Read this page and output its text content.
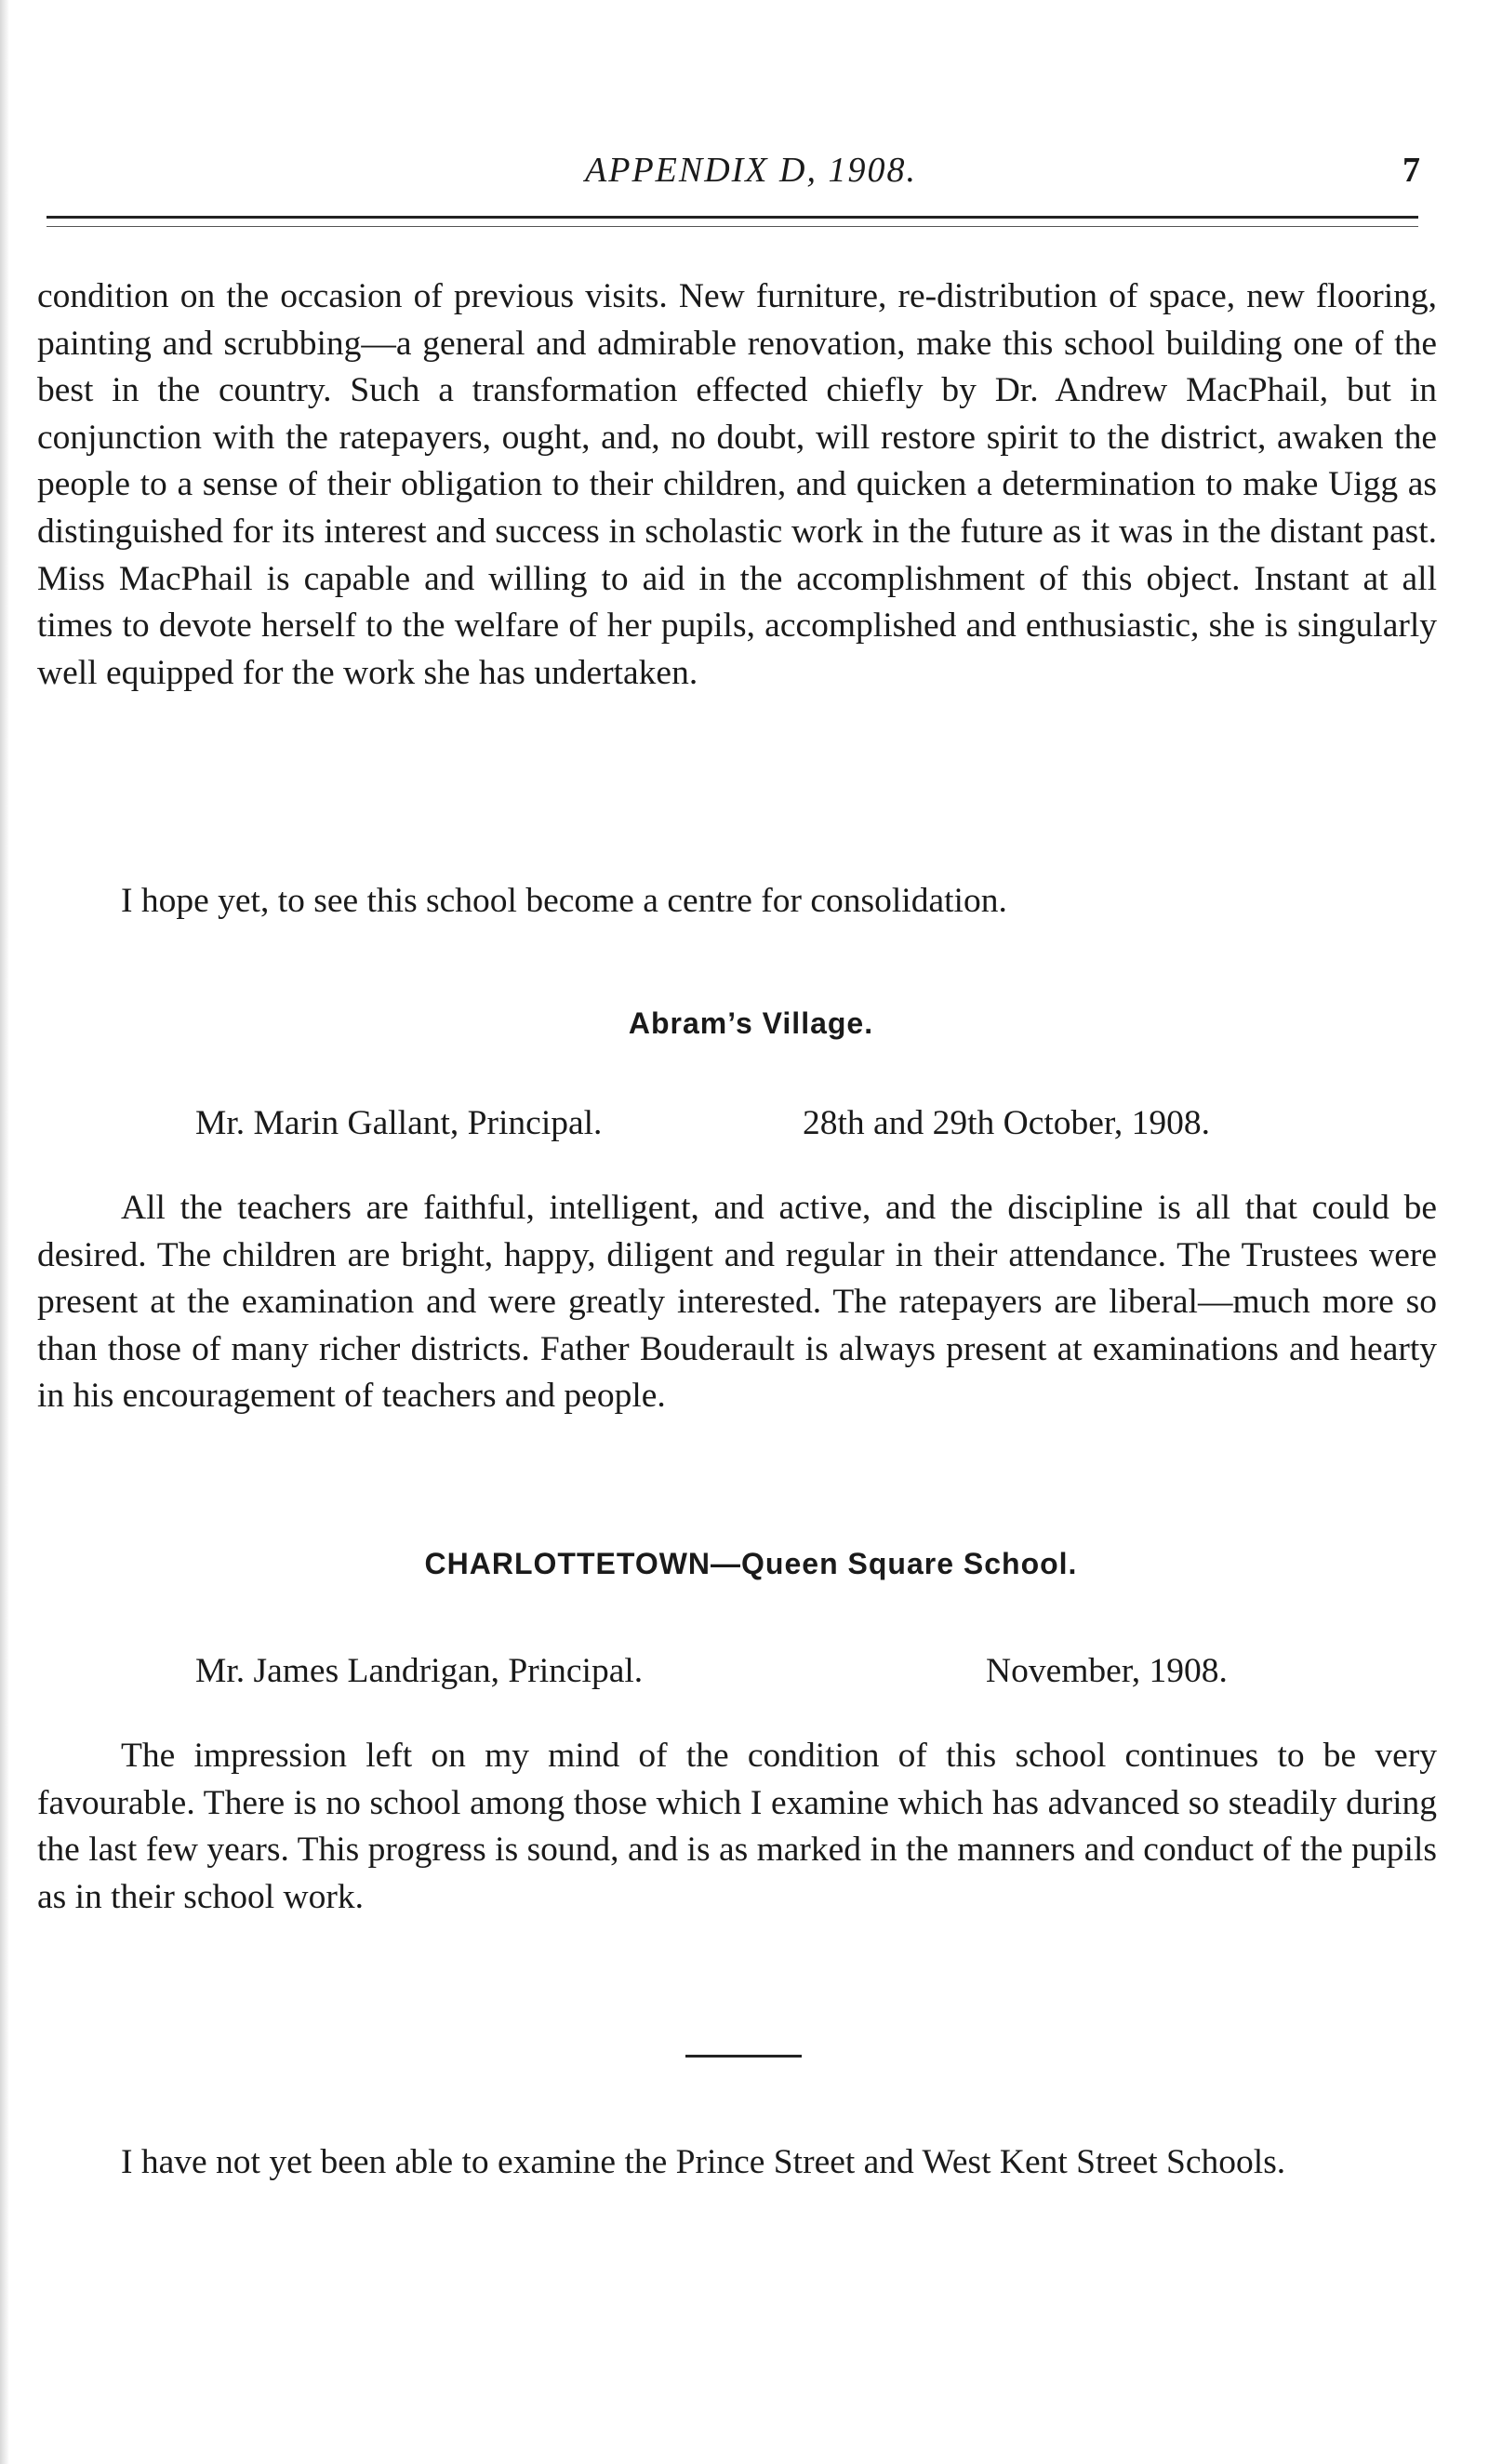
APPENDIX D, 1908.	7
condition on the occasion of previous visits. New furniture, re-distribution of space, new flooring, painting and scrubbing—a general and admirable renovation, make this school building one of the best in the country. Such a transformation effected chiefly by Dr. Andrew MacPhail, but in conjunction with the ratepayers, ought, and, no doubt, will restore spirit to the district, awaken the people to a sense of their obligation to their children, and quicken a determination to make Uigg as distinguished for its interest and success in scholastic work in the future as it was in the distant past. Miss MacPhail is capable and willing to aid in the accomplishment of this object. Instant at all times to devote herself to the welfare of her pupils, accomplished and enthusiastic, she is singularly well equipped for the work she has undertaken.
I hope yet, to see this school become a centre for consolidation.
Abram’s Village.
Mr. Marin Gallant, Principal.	28th and 29th October, 1908.
All the teachers are faithful, intelligent, and active, and the discipline is all that could be desired. The children are bright, happy, diligent and regular in their attendance. The Trustees were present at the examination and were greatly interested. The ratepayers are liberal—much more so than those of many richer districts. Father Bouderault is always present at examinations and hearty in his encouragement of teachers and people.
CHARLOTTETOWN—Queen Square School.
Mr. James Landrigan, Principal.	November, 1908.
The impression left on my mind of the condition of this school continues to be very favourable. There is no school among those which I examine which has advanced so steadily during the last few years. This progress is sound, and is as marked in the manners and conduct of the pupils as in their school work.
I have not yet been able to examine the Prince Street and West Kent Street Schools.
